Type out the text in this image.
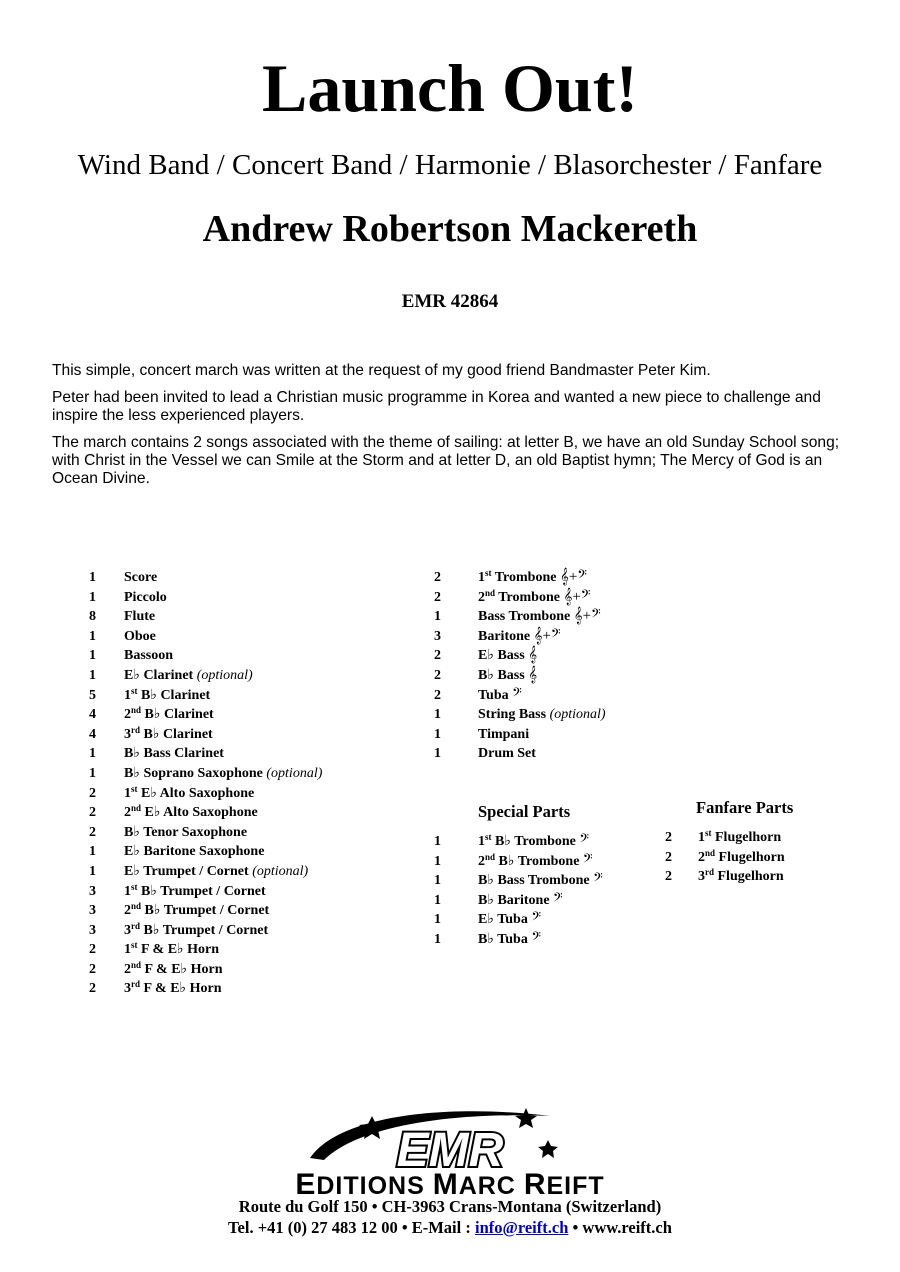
Launch Out!
Wind Band / Concert Band / Harmonie / Blasorchester / Fanfare
Andrew Robertson Mackereth
EMR 42864

This simple, concert march was written at the request of my good friend Bandmaster Peter Kim.

Peter had been invited to lead a Christian music programme in Korea and wanted a new piece to challenge and inspire the less experienced players.

The march contains 2 songs associated with the theme of sailing: at letter B, we have an old Sunday School song; with Christ in the Vessel we can Smile at the Storm and at letter D, an old Baptist hymn; The Mercy of God is an Ocean Divine.

1	Score
1	Piccolo
8	Flute
1	Oboe
1	Bassoon
1	E♭ Clarinet (optional)
5	1st B♭ Clarinet
4	2nd B♭ Clarinet
4	3rd B♭ Clarinet
1	B♭ Bass Clarinet
1	B♭ Soprano Saxophone (optional)
2	1st E♭ Alto Saxophone
2	2nd E♭ Alto Saxophone
2	B♭ Tenor Saxophone
1	E♭ Baritone Saxophone
1	E♭ Trumpet / Cornet (optional)
3	1st B♭ Trumpet / Cornet
3	2nd B♭ Trumpet / Cornet
3	3rd B♭ Trumpet / Cornet
2	1st F & E♭ Horn
2	2nd F & E♭ Horn
2	3rd F & E♭ Horn
2	1st Trombone 𝄞+𝄢
2	2nd Trombone 𝄞+𝄢
1	Bass Trombone 𝄞+𝄢
3	Baritone 𝄞+𝄢
2	E♭ Bass 𝄞
2	B♭ Bass 𝄞
2	Tuba 𝄢
1	String Bass (optional)
1	Timpani
1	Drum Set
Special Parts
1	1st B♭ Trombone 𝄢
1	2nd B♭ Trombone 𝄢
1	B♭ Bass Trombone 𝄢
1	B♭ Baritone 𝄢
1	E♭ Tuba 𝄢
1	B♭ Tuba 𝄢
Fanfare Parts
2	1st Flugelhorn
2	2nd Flugelhorn
2	3rd Flugelhorn
EMR
EDITIONS MARC REIFT
Route du Golf 150 • CH-3963 Crans-Montana (Switzerland)
Tel. +41 (0) 27 483 12 00 • E-Mail : info@reift.ch • www.reift.ch
